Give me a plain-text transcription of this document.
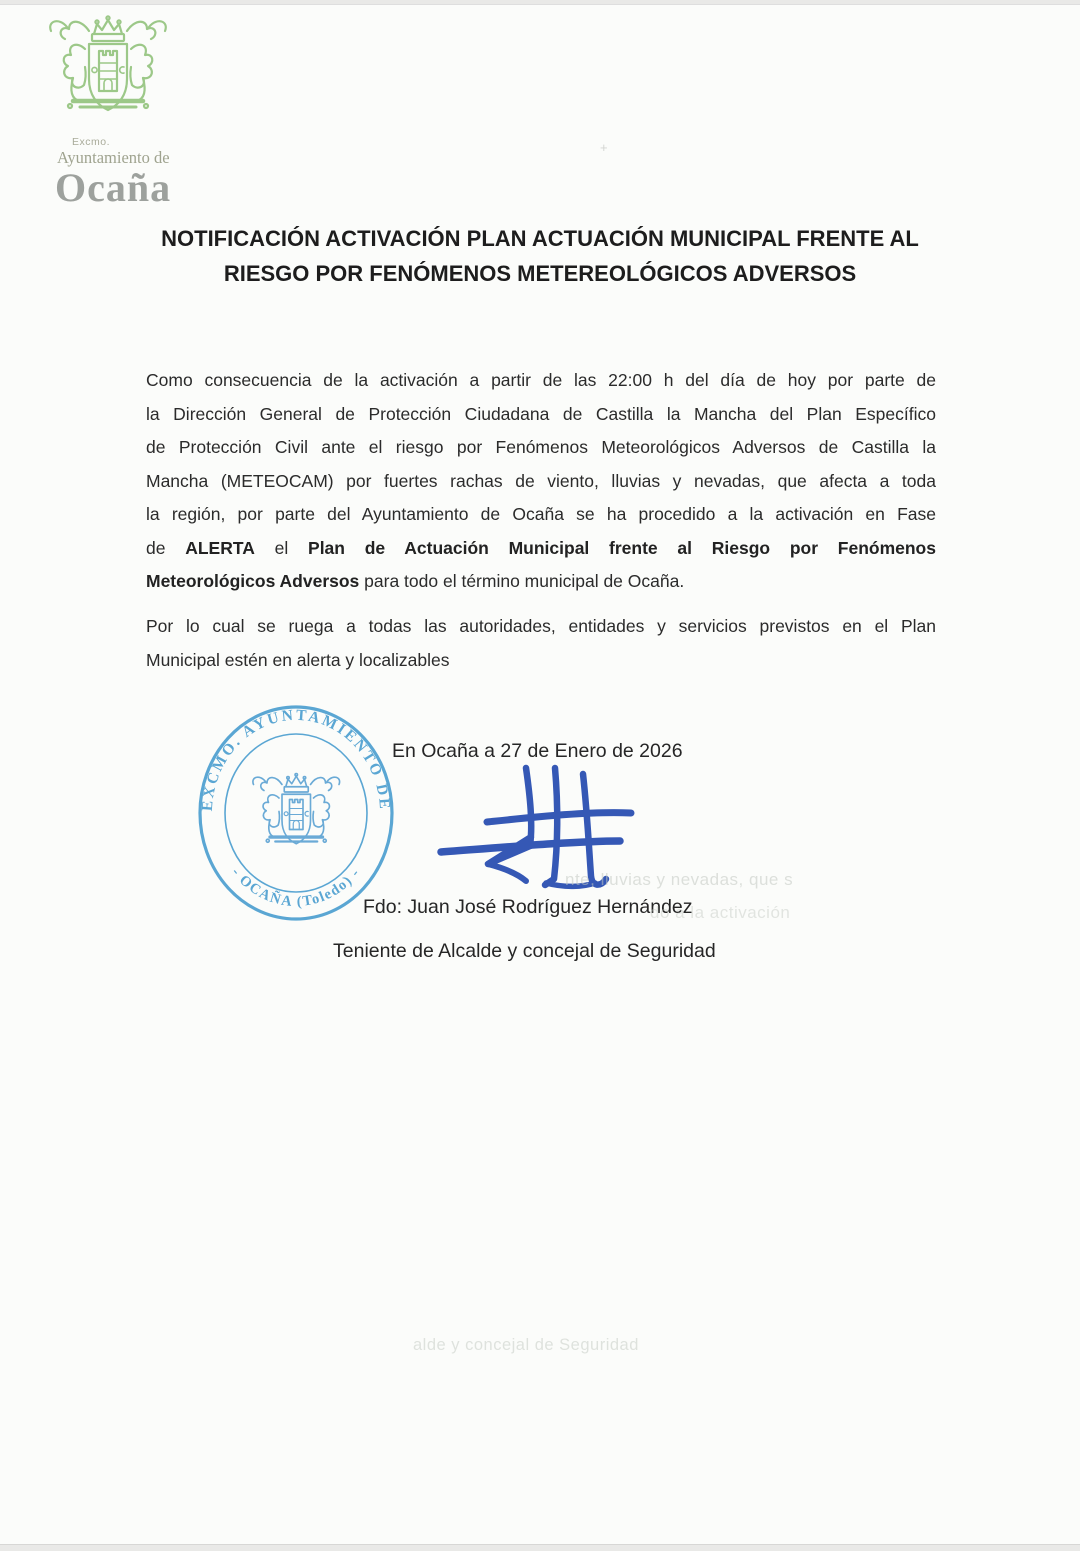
Excmo.
Ayuntamiento de
Ocaña
+
NOTIFICACIÓN ACTIVACIÓN PLAN ACTUACIÓN MUNICIPAL FRENTE AL
RIESGO POR FENÓMENOS METEREOLÓGICOS ADVERSOS
Como consecuencia de la activación a partir de las 22:00 h del día de hoy por parte de
la Dirección General de Protección Ciudadana de Castilla la Mancha del Plan Específico
de Protección Civil ante el riesgo por Fenómenos Meteorológicos Adversos de Castilla la
Mancha (METEOCAM) por fuertes rachas de viento, lluvias y nevadas, que afecta a toda
la región, por parte del Ayuntamiento de Ocaña se ha procedido a la activación en Fase
de ALERTA el Plan de Actuación Municipal frente al Riesgo por Fenómenos
Meteorológicos Adversos para todo el término municipal de Ocaña.
Por lo cual se ruega a todas las autoridades, entidades y servicios previstos en el Plan
Municipal estén en alerta y localizables
EXCMO. AYUNTAMIENTO DE
- OCAÑA (Toledo) -
En Ocaña a 27 de Enero de 2026
Fdo: Juan José Rodríguez Hernández
Teniente de Alcalde y concejal de Seguridad
nte, lluvias y nevadas, que s
do a la activación
alde y concejal de Seguridad
